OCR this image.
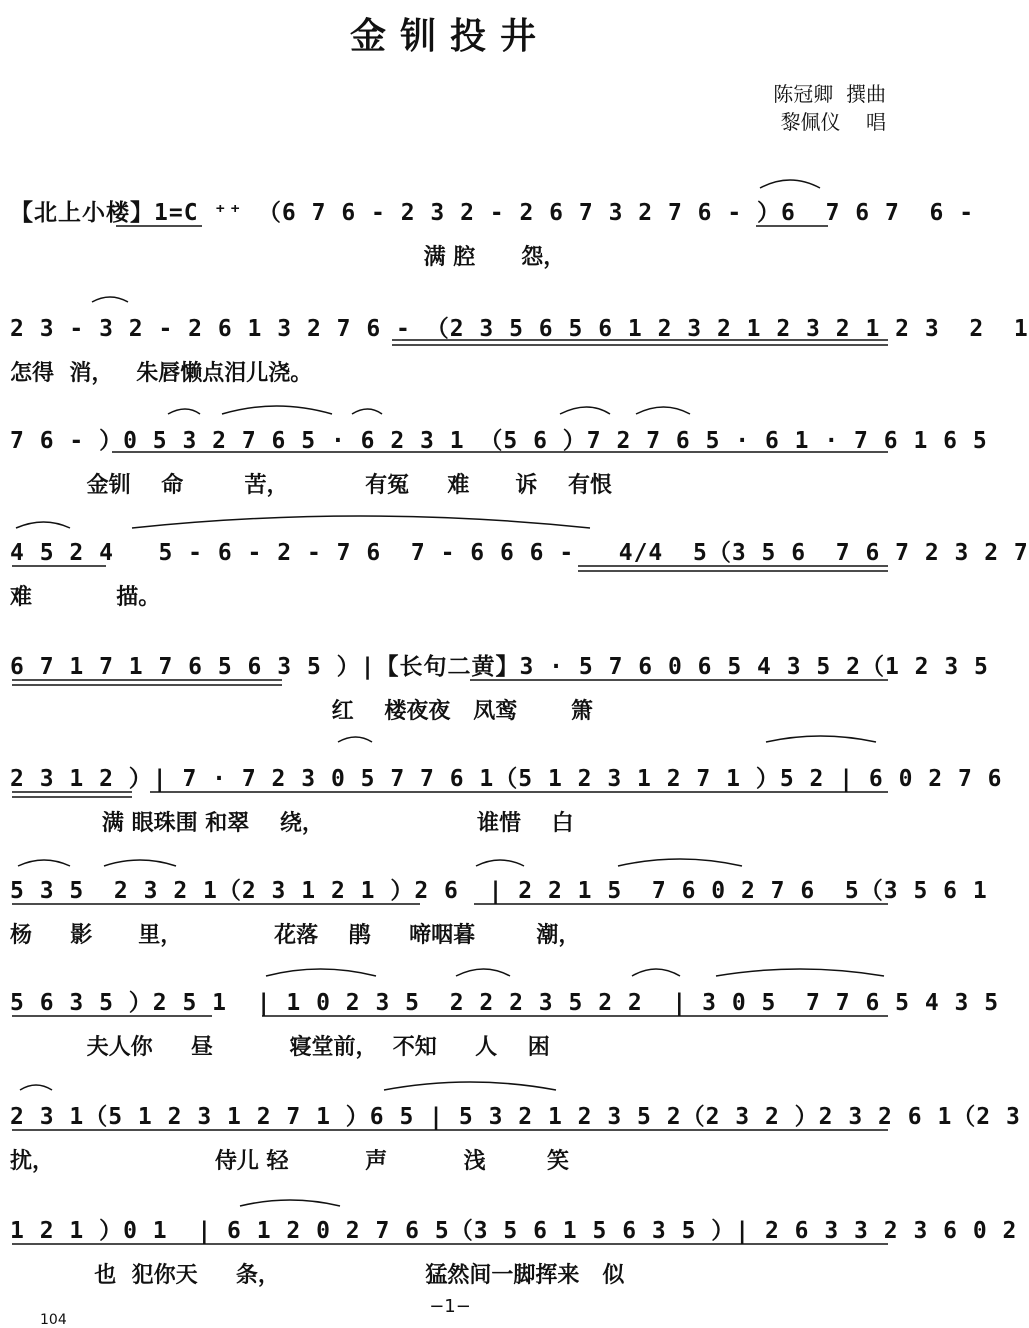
金钏投井
陈冠卿  撰曲
黎佩仪    唱
【北上小楼】1=C ⁺⁺ （6 7 6 - 2 3 2 - 2 6 7 3 2 7 6 - ）6  7 6 7  6 -
满 腔      怨，
2 3 - 3 2 - 2 6 1 3 2 7 6 - （2 3 5 6 5 6 1 2 3 2 1 2 3 2 1 2 3  2  1
怎得  消，   朱唇懒点泪儿浇。
7 6 - ）0 5 3 2 7 6 5 · 6 2 3 1 （5 6 ）7 2 7 6 5 · 6 1 · 7 6 1 6 5
金钏    命        苦，          有冤     难      诉    有恨
4 5 2 4   5 - 6 - 2 - 7 6  7 - 6 6 6 -   4/4  5（3 5 6  7 6 7 2 3 2 7
难           描。
6 7 1 7 1 7 6 5 6 3 5 ）|【长句二黄】3 · 5 7 6 0 6 5 4 3 5 2（1 2 3 5
红    楼夜夜   凤鸾       箫
2 3 1 2 ）| 7 · 7 2 3 0 5 7 7 6 1（5 1 2 3 1 2 7 1 ）5 2 | 6 0 2 7 6
满 眼珠围 和翠    绕，                    谁惜    白
5 3 5  2 3 2 1（2 3 1 2 1 ）2 6  | 2 2 1 5  7 6 0 2 7 6  5（3 5 6 1
杨     影      里，            花落    鹃     啼咽暮        潮，
5 6 3 5 ）2 5 1  | 1 0 2 3 5  2 2 2 3 5 2 2  | 3 0 5  7 7 6 5 4 3 5
夫人你     昼          寝堂前，  不知     人    困
2 3 1（5 1 2 3 1 2 7 1 ）6 5 | 5 3 2 1 2 3 5 2（2 3 2 ）2 3 2 6 1（2 3
扰，                     侍儿 轻          声          浅        笑
1 2 1 ）0 1  | 6 1 2 0 2 7 6 5（3 5 6 1 5 6 3 5 ）| 2 6 3 3 2 3 6 0 2
也  犯你天     条，                   猛然间一脚挥来   似
−1−
104
